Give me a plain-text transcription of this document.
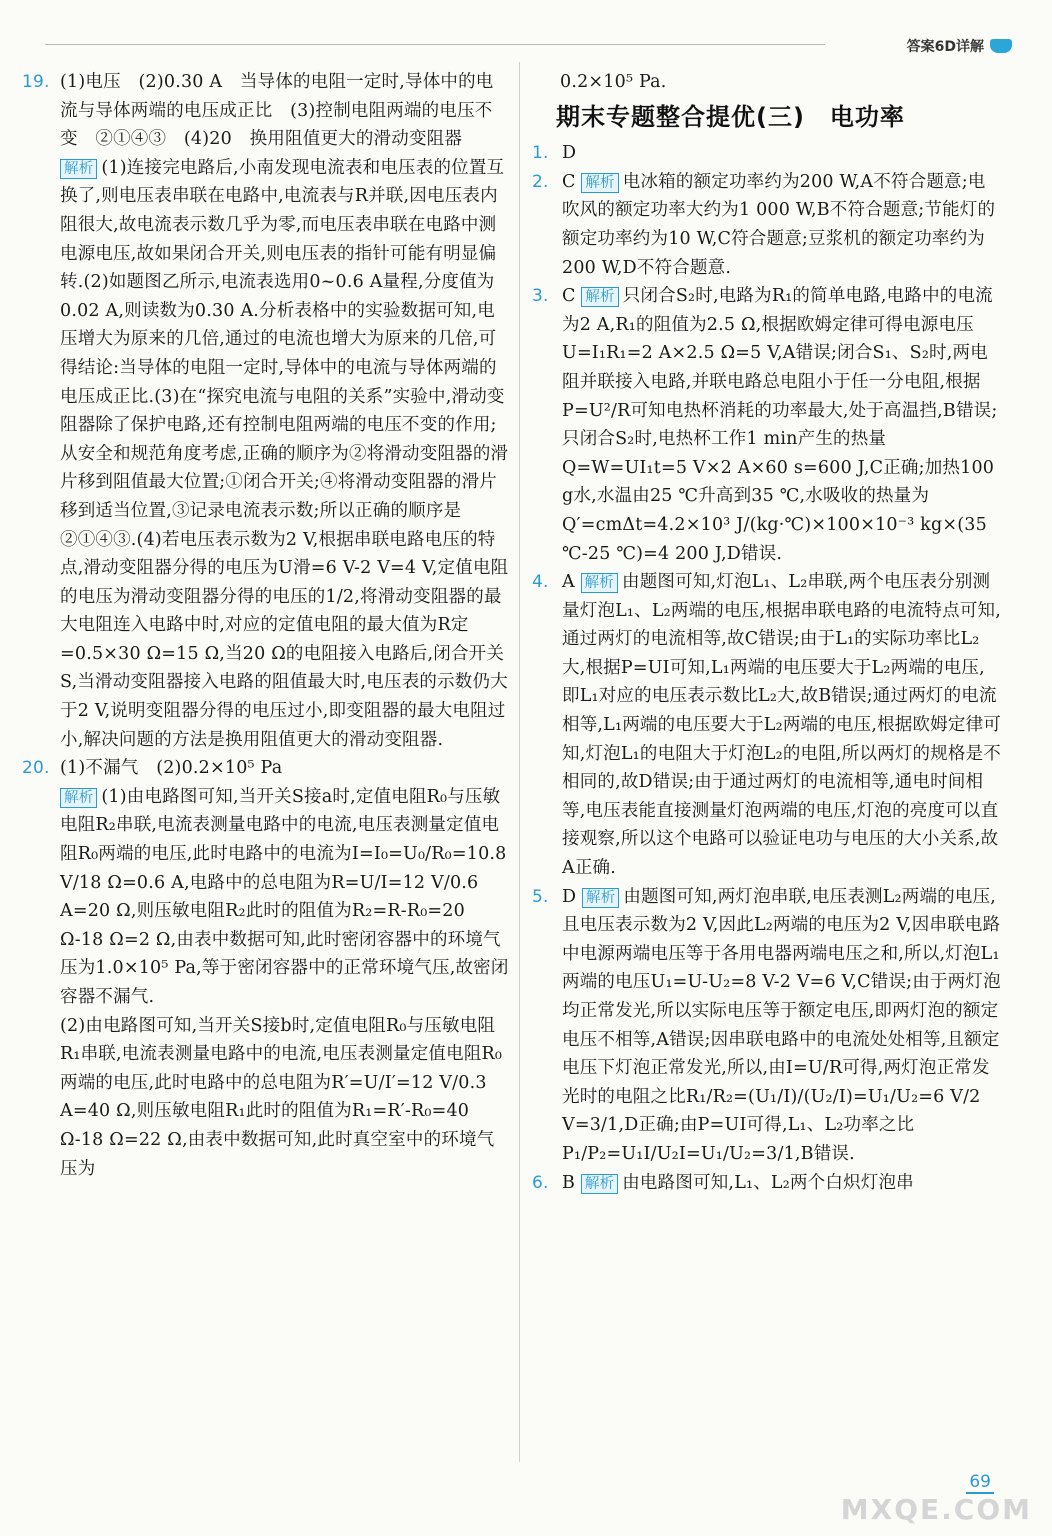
答案6D详解
19. (1)电压　(2)0.30 A　当导体的电阻一定时,导体中的电流与导体两端的电压成正比　(3)控制电阻两端的电压不变　②①④③　(4)20　换用阻值更大的滑动变阻器
解析 (1)连接完电路后,小南发现电流表和电压表的位置互换了,则电压表串联在电路中,电流表与R并联,因电压表内阻很大,故电流表示数几乎为零,而电压表串联在电路中测电源电压,故如果闭合开关,则电压表的指针可能有明显偏转.(2)如题图乙所示,电流表选用0~0.6 A量程,分度值为0.02 A,则读数为0.30 A.分析表格中的实验数据可知,电压增大为原来的几倍,通过的电流也增大为原来的几倍,可得结论:当导体的电阻一定时,导体中的电流与导体两端的电压成正比.(3)在“探究电流与电阻的关系”实验中,滑动变阻器除了保护电路,还有控制电阻两端的电压不变的作用;从安全和规范角度考虑,正确的顺序为②将滑动变阻器的滑片移到阻值最大位置;①闭合开关;④将滑动变阻器的滑片移到适当位置,③记录电流表示数;所以正确的顺序是②①④③.(4)若电压表示数为2 V,根据串联电路电压的特点,滑动变阻器分得的电压为U滑=6 V-2 V=4 V,定值电阻的电压为滑动变阻器分得的电压的1/2,将滑动变阻器的最大电阻连入电路中时,对应的定值电阻的最大值为R定=0.5×30 Ω=15 Ω,当20 Ω的电阻接入电路后,闭合开关S,当滑动变阻器接入电路的阻值最大时,电压表的示数仍大于2 V,说明变阻器分得的电压过小,即变阻器的最大电阻过小,解决问题的方法是换用阻值更大的滑动变阻器.
20. (1)不漏气　(2)0.2×10⁵ Pa
解析 (1)由电路图可知,当开关S接a时,定值电阻R₀与压敏电阻R₂串联,电流表测量电路中的电流,电压表测量定值电阻R₀两端的电压,此时电路中的电流为I=I₀=U₀/R₀=10.8 V/18 Ω=0.6 A,电路中的总电阻为R=U/I=12 V/0.6 A=20 Ω,则压敏电阻R₂此时的阻值为R₂=R-R₀=20 Ω-18 Ω=2 Ω,由表中数据可知,此时密闭容器中的环境气压为1.0×10⁵ Pa,等于密闭容器中的正常环境气压,故密闭容器不漏气.
(2)由电路图可知,当开关S接b时,定值电阻R₀与压敏电阻R₁串联,电流表测量电路中的电流,电压表测量定值电阻R₀两端的电压,此时电路中的总电阻为R′=U/I′=12 V/0.3 A=40 Ω,则压敏电阻R₁此时的阻值为R₁=R′-R₀=40 Ω-18 Ω=22 Ω,由表中数据可知,此时真空室中的环境气压为
0.2×10⁵ Pa.
期末专题整合提优(三)　电功率
1. D
2. C 解析 电冰箱的额定功率约为200 W,A不符合题意;电吹风的额定功率大约为1 000 W,B不符合题意;节能灯的额定功率约为10 W,C符合题意;豆浆机的额定功率约为200 W,D不符合题意.
3. C 解析 只闭合S₂时,电路为R₁的简单电路,电路中的电流为2 A,R₁的阻值为2.5 Ω,根据欧姆定律可得电源电压U=I₁R₁=2 A×2.5 Ω=5 V,A错误;闭合S₁、S₂时,两电阻并联接入电路,并联电路总电阻小于任一分电阻,根据P=U²/R可知电热杯消耗的功率最大,处于高温挡,B错误;只闭合S₂时,电热杯工作1 min产生的热量Q=W=UI₁t=5 V×2 A×60 s=600 J,C正确;加热100 g水,水温由25 ℃升高到35 ℃,水吸收的热量为Q′=cmΔt=4.2×10³ J/(kg·℃)×100×10⁻³ kg×(35 ℃-25 ℃)=4 200 J,D错误.
4. A 解析 由题图可知,灯泡L₁、L₂串联,两个电压表分别测量灯泡L₁、L₂两端的电压,根据串联电路的电流特点可知,通过两灯的电流相等,故C错误;由于L₁的实际功率比L₂大,根据P=UI可知,L₁两端的电压要大于L₂两端的电压,即L₁对应的电压表示数比L₂大,故B错误;通过两灯的电流相等,L₁两端的电压要大于L₂两端的电压,根据欧姆定律可知,灯泡L₁的电阻大于灯泡L₂的电阻,所以两灯的规格是不相同的,故D错误;由于通过两灯的电流相等,通电时间相等,电压表能直接测量灯泡两端的电压,灯泡的亮度可以直接观察,所以这个电路可以验证电功与电压的大小关系,故A正确.
5. D 解析 由题图可知,两灯泡串联,电压表测L₂两端的电压,且电压表示数为2 V,因此L₂两端的电压为2 V,因串联电路中电源两端电压等于各用电器两端电压之和,所以,灯泡L₁两端的电压U₁=U-U₂=8 V-2 V=6 V,C错误;由于两灯泡均正常发光,所以实际电压等于额定电压,即两灯泡的额定电压不相等,A错误;因串联电路中的电流处处相等,且额定电压下灯泡正常发光,所以,由I=U/R可得,两灯泡正常发光时的电阻之比R₁/R₂=(U₁/I)/(U₂/I)=U₁/U₂=6 V/2 V=3/1,D正确;由P=UI可得,L₁、L₂功率之比P₁/P₂=U₁I/U₂I=U₁/U₂=3/1,B错误.
6. B 解析 由电路图可知,L₁、L₂两个白炽灯泡串
69
MXQE.COM
